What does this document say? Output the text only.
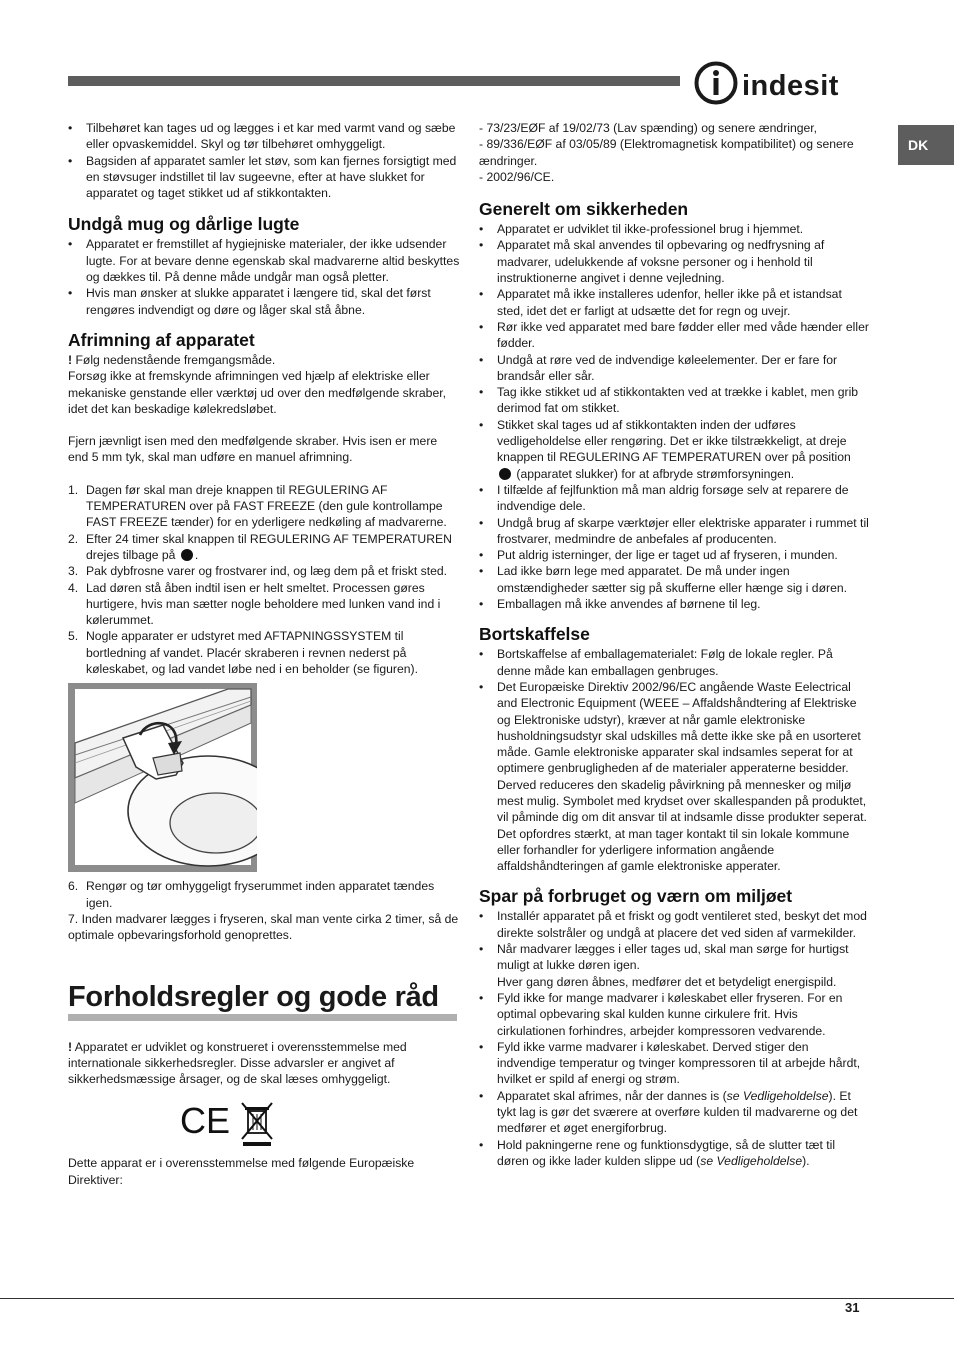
indesit
DK
• Tilbehøret kan tages ud og lægges i et kar med varmt vand og sæbe eller opvaskemiddel. Skyl og tør tilbehøret omhyggeligt.
• Bagsiden af apparatet samler let støv, som kan fjernes forsigtigt med en støvsuger indstillet til lav sugeevne, efter at have slukket for apparatet og taget stikket ud af stikkontakten.
Undgå mug og dårlige lugte
• Apparatet er fremstillet af hygiejniske materialer, der ikke udsender lugte. For at bevare denne egenskab skal madvarerne altid beskyttes og dækkes til. På denne måde undgår man også pletter.
• Hvis man ønsker at slukke apparatet i længere tid, skal det først rengøres indvendigt og døre og låger skal stå åbne.
Afrimning af apparatet

! Følg nedenstående fremgangsmåde.

Forsøg ikke at fremskynde afrimningen ved hjælp af elektriske eller mekaniske genstande eller værktøj ud over den medfølgende skraber, idet det kan beskadige kølekredsløbet.

Fjern jævnligt isen med den medfølgende skraber. Hvis isen er mere end 5 mm tyk, skal man udføre en manuel afrimning.

1. Dagen før skal man dreje knappen til REGULERING AF TEMPERATUREN over på FAST FREEZE (den gule kontrollampe FAST FREEZE tænder) for en yderligere nedkøling af madvarerne.
2. Efter 24 timer skal knappen til REGULERING AF TEMPERATUREN drejes tilbage på .
3. Pak dybfrosne varer og frostvarer ind, og læg dem på et friskt sted.
4. Lad døren stå åben indtil isen er helt smeltet. Processen gøres hurtigere, hvis man sætter nogle beholdere med lunken vand ind i kølerummet.
5. Nogle apparater er udstyret med AFTAPNINGSSYSTEM til bortledning af vandet. Placér skraberen i revnen nederst på køleskabet, og lad vandet løbe ned i en beholder (se figuren).
6. Rengør og tør omhyggeligt fryserummet inden apparatet tændes igen.
7. Inden madvarer lægges i fryseren, skal man vente cirka 2 timer, så de optimale opbevaringsforhold genoprettes.
Forholdsregler og gode råd

! Apparatet er udviklet og konstrueret i overensstemmelse med internationale sikkerhedsregler. Disse advarsler er angivet af sikkerhedsmæssige årsager, og de skal læses omhyggeligt.

CE

Dette apparat er i overensstemmelse med følgende Europæiske Direktiver:

- 73/23/EØF af 19/02/73 (Lav spænding) og senere ændringer,

- 89/336/EØF af 03/05/89 (Elektromagnetisk kompatibilitet) og senere ændringer.

- 2002/96/CE.

Generelt om sikkerheden
• Apparatet er udviklet til ikke-professionel brug i hjemmet.
• Apparatet må skal anvendes til opbevaring og nedfrysning af madvarer, udelukkende af voksne personer og i henhold til instruktionerne angivet i denne vejledning.
• Apparatet må ikke installeres udenfor, heller ikke på et istandsat sted, idet det er farligt at udsætte det for regn og uvejr.
• Rør ikke ved apparatet med bare fødder eller med våde hænder eller fødder.
• Undgå at røre ved de indvendige køleelementer. Der er fare for brandsår eller sår.
• Tag ikke stikket ud af stikkontakten ved at trække i kablet, men grib derimod fat om stikket.
• Stikket skal tages ud af stikkontakten inden der udføres vedligeholdelse eller rengøring. Det er ikke tilstrækkeligt, at dreje knappen til REGULERING AF TEMPERATUREN over på position  (apparatet slukker) for at afbryde strømforsyningen.
• I tilfælde af fejlfunktion må man aldrig forsøge selv at reparere de indvendige dele.
• Undgå brug af skarpe værktøjer eller elektriske apparater i rummet til frostvarer, medmindre de anbefales af producenten.
• Put aldrig isterninger, der lige er taget ud af fryseren, i munden.
• Lad ikke børn lege med apparatet. De må under ingen omstændigheder sætter sig på skufferne eller hænge sig i døren.
• Emballagen må ikke anvendes af børnene til leg.
Bortskaffelse
• Bortskaffelse af emballagematerialet: Følg de lokale regler. På denne måde kan emballagen genbruges.
• Det Europæiske Direktiv 2002/96/EC angående Waste Eelectrical and Electronic Equipment (WEEE – Affaldshåndtering af Elektriske og Elektroniske udstyr), kræver at når gamle elektroniske husholdningsudstyr skal udskilles må dette ikke ske på en usorteret måde. Gamle elektroniske apparater skal indsamles seperat for at optimere genbrugligheden af de materialer apperaterne besidder. Derved reduceres den skadelig påvirkning på mennesker og miljø mest mulig. Symbolet med krydset over skallespanden på produktet, vil påminde dig om dit ansvar til at indsamle disse produkter seperat.
Det opfordres stærkt, at man tager kontakt til sin lokale kommune eller forhandler for yderligere information angående affaldshåndteringen af gamle elektroniske apperater.
Spar på forbruget og værn om miljøet
• Installér apparatet på et friskt og godt ventileret sted, beskyt det mod direkte solstråler og undgå at placere det ved siden af varmekilder.
• Når madvarer lægges i eller tages ud, skal man sørge for hurtigst muligt at lukke døren igen.
Hver gang døren åbnes, medfører det et betydeligt energispild.
• Fyld ikke for mange madvarer i køleskabet eller fryseren. For en optimal opbevaring skal kulden kunne cirkulere frit. Hvis cirkulationen forhindres, arbejder kompressoren vedvarende.
• Fyld ikke varme madvarer i køleskabet. Derved stiger den indvendige temperatur og tvinger kompressoren til at arbejde hårdt, hvilket er spild af energi og strøm.
• Apparatet skal afrimes, når der dannes is (se Vedligeholdelse). Et tykt lag is gør det sværere at overføre kulden til madvarerne og det medfører et øget energiforbrug.
• Hold pakningerne rene og funktionsdygtige, så de slutter tæt til døren og ikke lader kulden slippe ud (se Vedligeholdelse).
31
